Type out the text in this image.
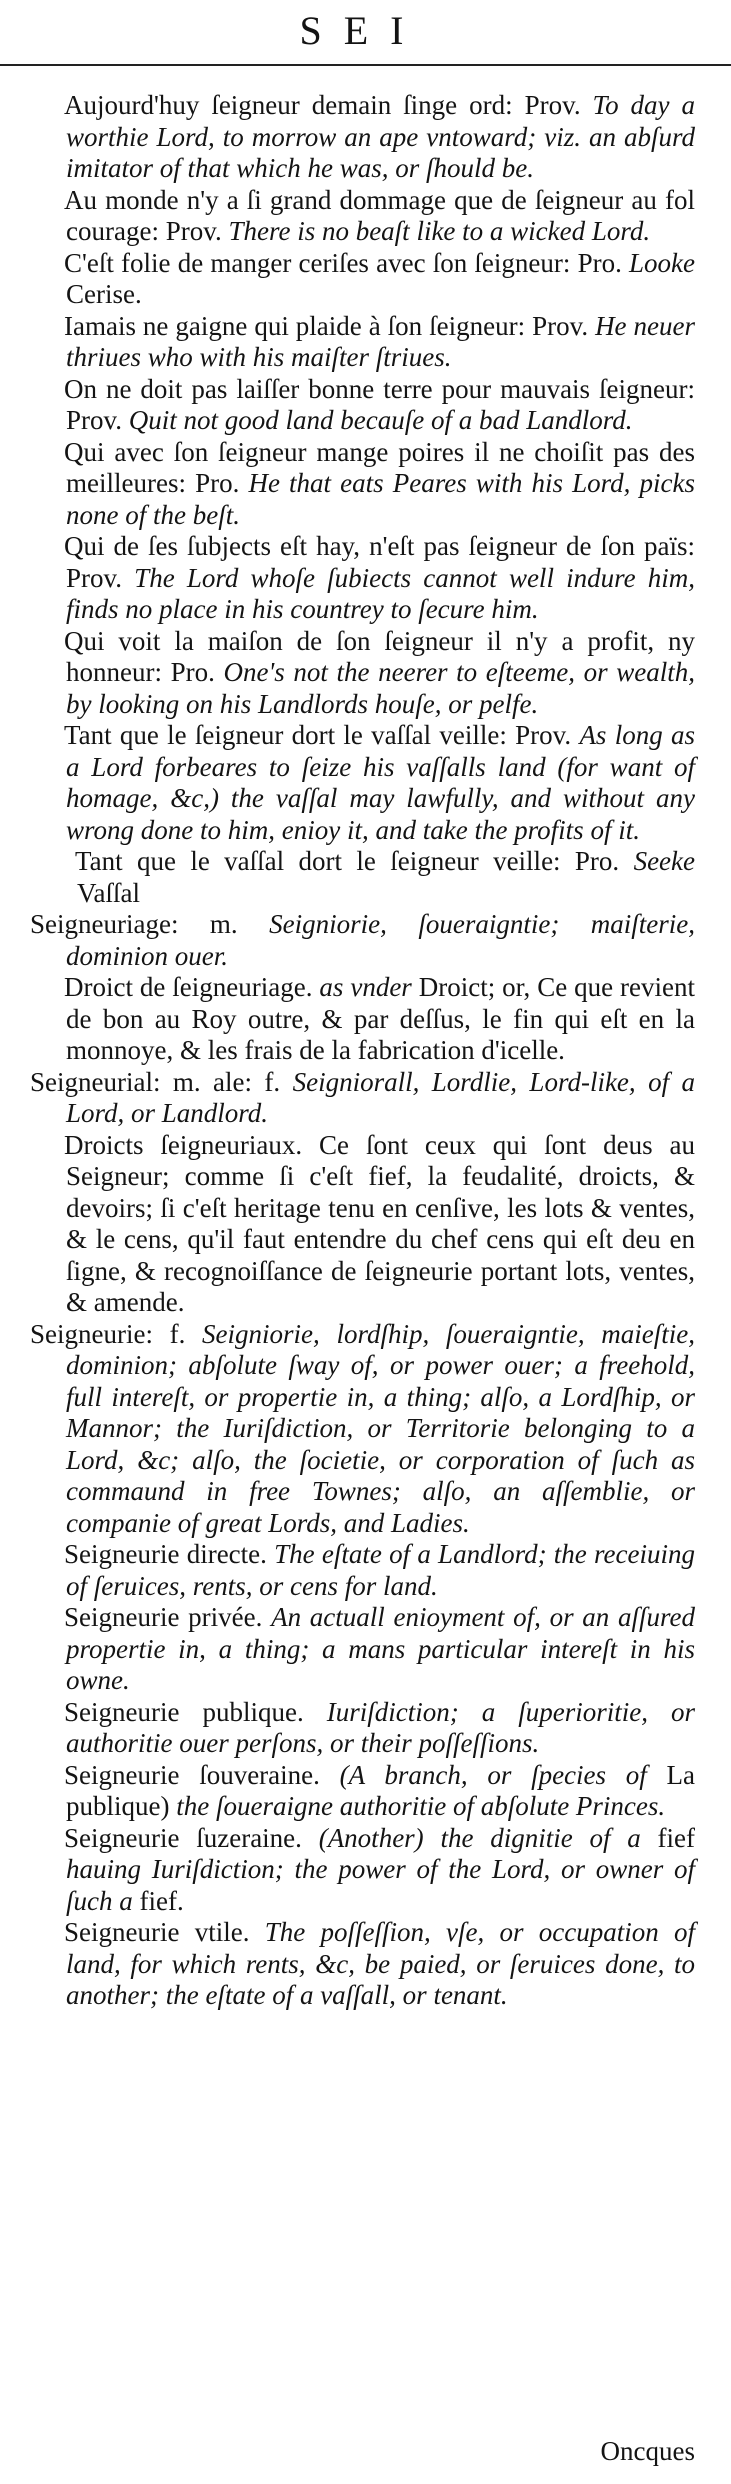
SEI

Aujourd'huy ſeigneur demain ſinge ord: Prov. To day a worthie Lord, to morrow an ape vntoward; viz. an abſurd imitator of that which he was, or ſhould be.

Au monde n'y a ſi grand dommage que de ſeigneur au fol courage: Prov. There is no beaſt like to a wicked Lord.

C'eſt folie de manger ceriſes avec ſon ſeigneur: Pro. Looke Cerise.

Iamais ne gaigne qui plaide à ſon ſeigneur: Prov. He neuer thriues who with his maiſter ſtriues.

On ne doit pas laiſſer bonne terre pour mauvais ſeigneur: Prov. Quit not good land becauſe of a bad Landlord.

Qui avec ſon ſeigneur mange poires il ne choiſit pas des meilleures: Pro. He that eats Peares with his Lord, picks none of the beſt.

Qui de ſes ſubjects eſt hay, n'eſt pas ſeigneur de ſon païs: Prov. The Lord whoſe ſubiects cannot well indure him, finds no place in his countrey to ſecure him.

Qui voit la maiſon de ſon ſeigneur il n'y a profit, ny honneur: Pro. One's not the neerer to eſteeme, or wealth, by looking on his Landlords houſe, or pelfe.

Tant que le ſeigneur dort le vaſſal veille: Prov. As long as a Lord forbeares to ſeize his vaſſalls land (for want of homage, &c,) the vaſſal may lawfully, and without any wrong done to him, enioy it, and take the profits of it.

Tant que le vaſſal dort le ſeigneur veille: Pro. Seeke Vaſſal

Seigneuriage: m. Seigniorie, ſoueraigntie; maiſterie, dominion ouer.

Droict de ſeigneuriage. as vnder Droict; or, Ce que revient de bon au Roy outre, & par deſſus, le fin qui eſt en la monnoye, & les frais de la fabrication d'icelle.

Seigneurial: m. ale: f. Seigniorall, Lordlie, Lord-like, of a Lord, or Landlord.

Droicts ſeigneuriaux. Ce ſont ceux qui ſont deus au Seigneur; comme ſi c'eſt fief, la feudalité, droicts, & devoirs; ſi c'eſt heritage tenu en cenſive, les lots & ventes, & le cens, qu'il faut entendre du chef cens qui eſt deu en ſigne, & recognoiſſance de ſeigneurie portant lots, ventes, & amende.

Seigneurie: f. Seigniorie, lordſhip, ſoueraigntie, maieſtie, dominion; abſolute ſway of, or power ouer; a freehold, full intereſt, or propertie in, a thing; alſo, a Lordſhip, or Mannor; the Iuriſdiction, or Territorie belonging to a Lord, &c; alſo, the ſocietie, or corporation of ſuch as commaund in free Townes; alſo, an aſſemblie, or companie of great Lords, and Ladies.

Seigneurie directe. The eſtate of a Landlord; the receiuing of ſeruices, rents, or cens for land.

Seigneurie privée. An actuall enioyment of, or an aſſured propertie in, a thing; a mans particular intereſt in his owne.

Seigneurie publique. Iuriſdiction; a ſuperioritie, or authoritie ouer perſons, or their poſſeſſions.

Seigneurie ſouveraine. (A branch, or ſpecies of La publique) the ſoueraigne authoritie of abſolute Princes.

Seigneurie ſuzeraine. (Another) the dignitie of a fief hauing Iuriſdiction; the power of the Lord, or owner of ſuch a fief.

Seigneurie vtile. The poſſeſſion, vſe, or occupation of land, for which rents, &c, be paied, or ſeruices done, to another; the eſtate of a vaſſall, or tenant.

Oncques
